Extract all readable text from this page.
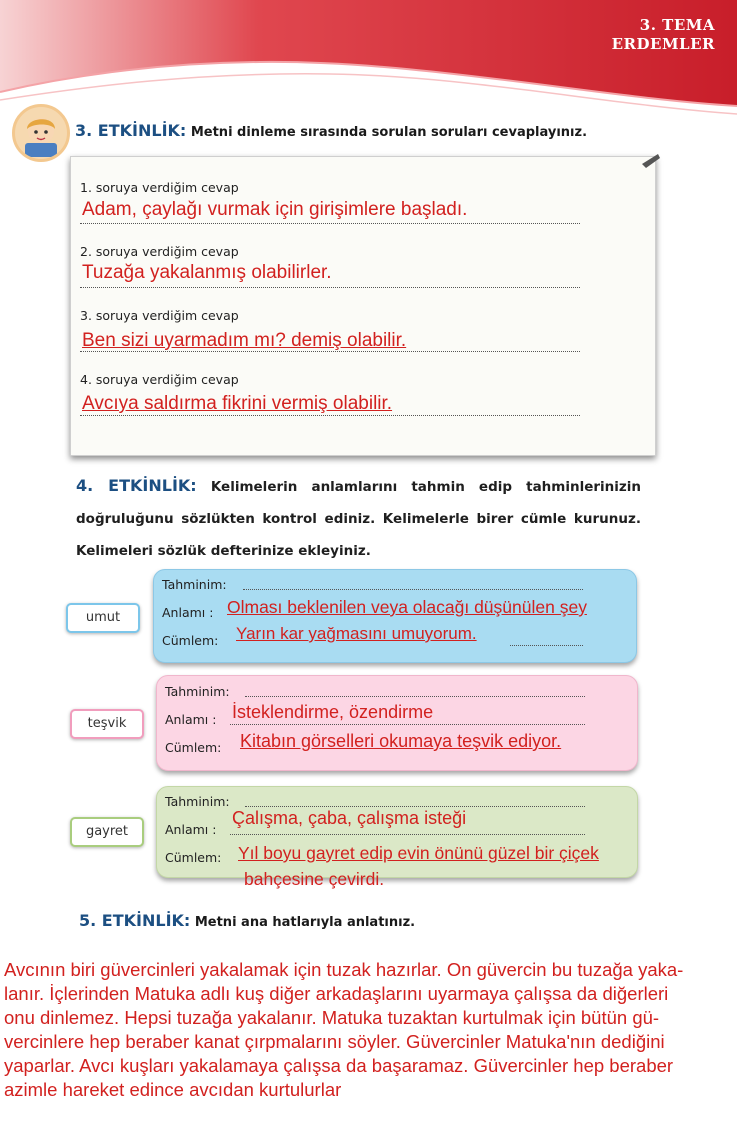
3. TEMA
ERDEMLER
3. ETKİNLİK: Metni dinleme sırasında sorulan soruları cevaplayınız.
1. soruya verdiğim cevap
Adam, çaylağı vurmak için girişimlere başladı.
2. soruya verdiğim cevap
Tuzağa yakalanmış olabilirler.
3. soruya verdiğim cevap
Ben sizi uyarmadım mı? demiş olabilir.
4. soruya verdiğim cevap
Avcıya saldırma fikrini vermiş olabilir.
4. ETKİNLİK: Kelimelerin anlamlarını tahmin edip tahminlerinizin
doğruluğunu sözlükten kontrol ediniz. Kelimelerle birer cümle kurunuz.
Kelimeleri sözlük defterinize ekleyiniz.
umut
Tahminim:
Anlamı : Olması beklenilen veya olacağı düşünülen şey
Cümlem: Yarın kar yağmasını umuyorum.
teşvik
Tahminim:
Anlamı : İsteklendirme, özendirme
Cümlem: Kitabın görselleri okumaya teşvik ediyor.
gayret
Tahminim:
Anlamı :
Çalışma, çaba, çalışma isteği
Cümlem: Yıl boyu gayret edip evin önünü güzel bir çiçek
bahçesine çevirdi.
5. ETKİNLİK: Metni ana hatlarıyla anlatınız.
Avcının biri güvercinleri yakalamak için tuzak hazırlar. On güvercin bu tuzağa yaka-
lanır. İçlerinden Matuka adlı kuş diğer arkadaşlarını uyarmaya çalışsa da diğerleri
onu dinlemez. Hepsi tuzağa yakalanır. Matuka tuzaktan kurtulmak için bütün gü-
vercinlere hep beraber kanat çırpmalarını söyler. Güvercinler Matuka'nın dediğini
yaparlar. Avcı kuşları yakalamaya çalışsa da başaramaz. Güvercinler hep beraber
azimle hareket edince avcıdan kurtulurlar
